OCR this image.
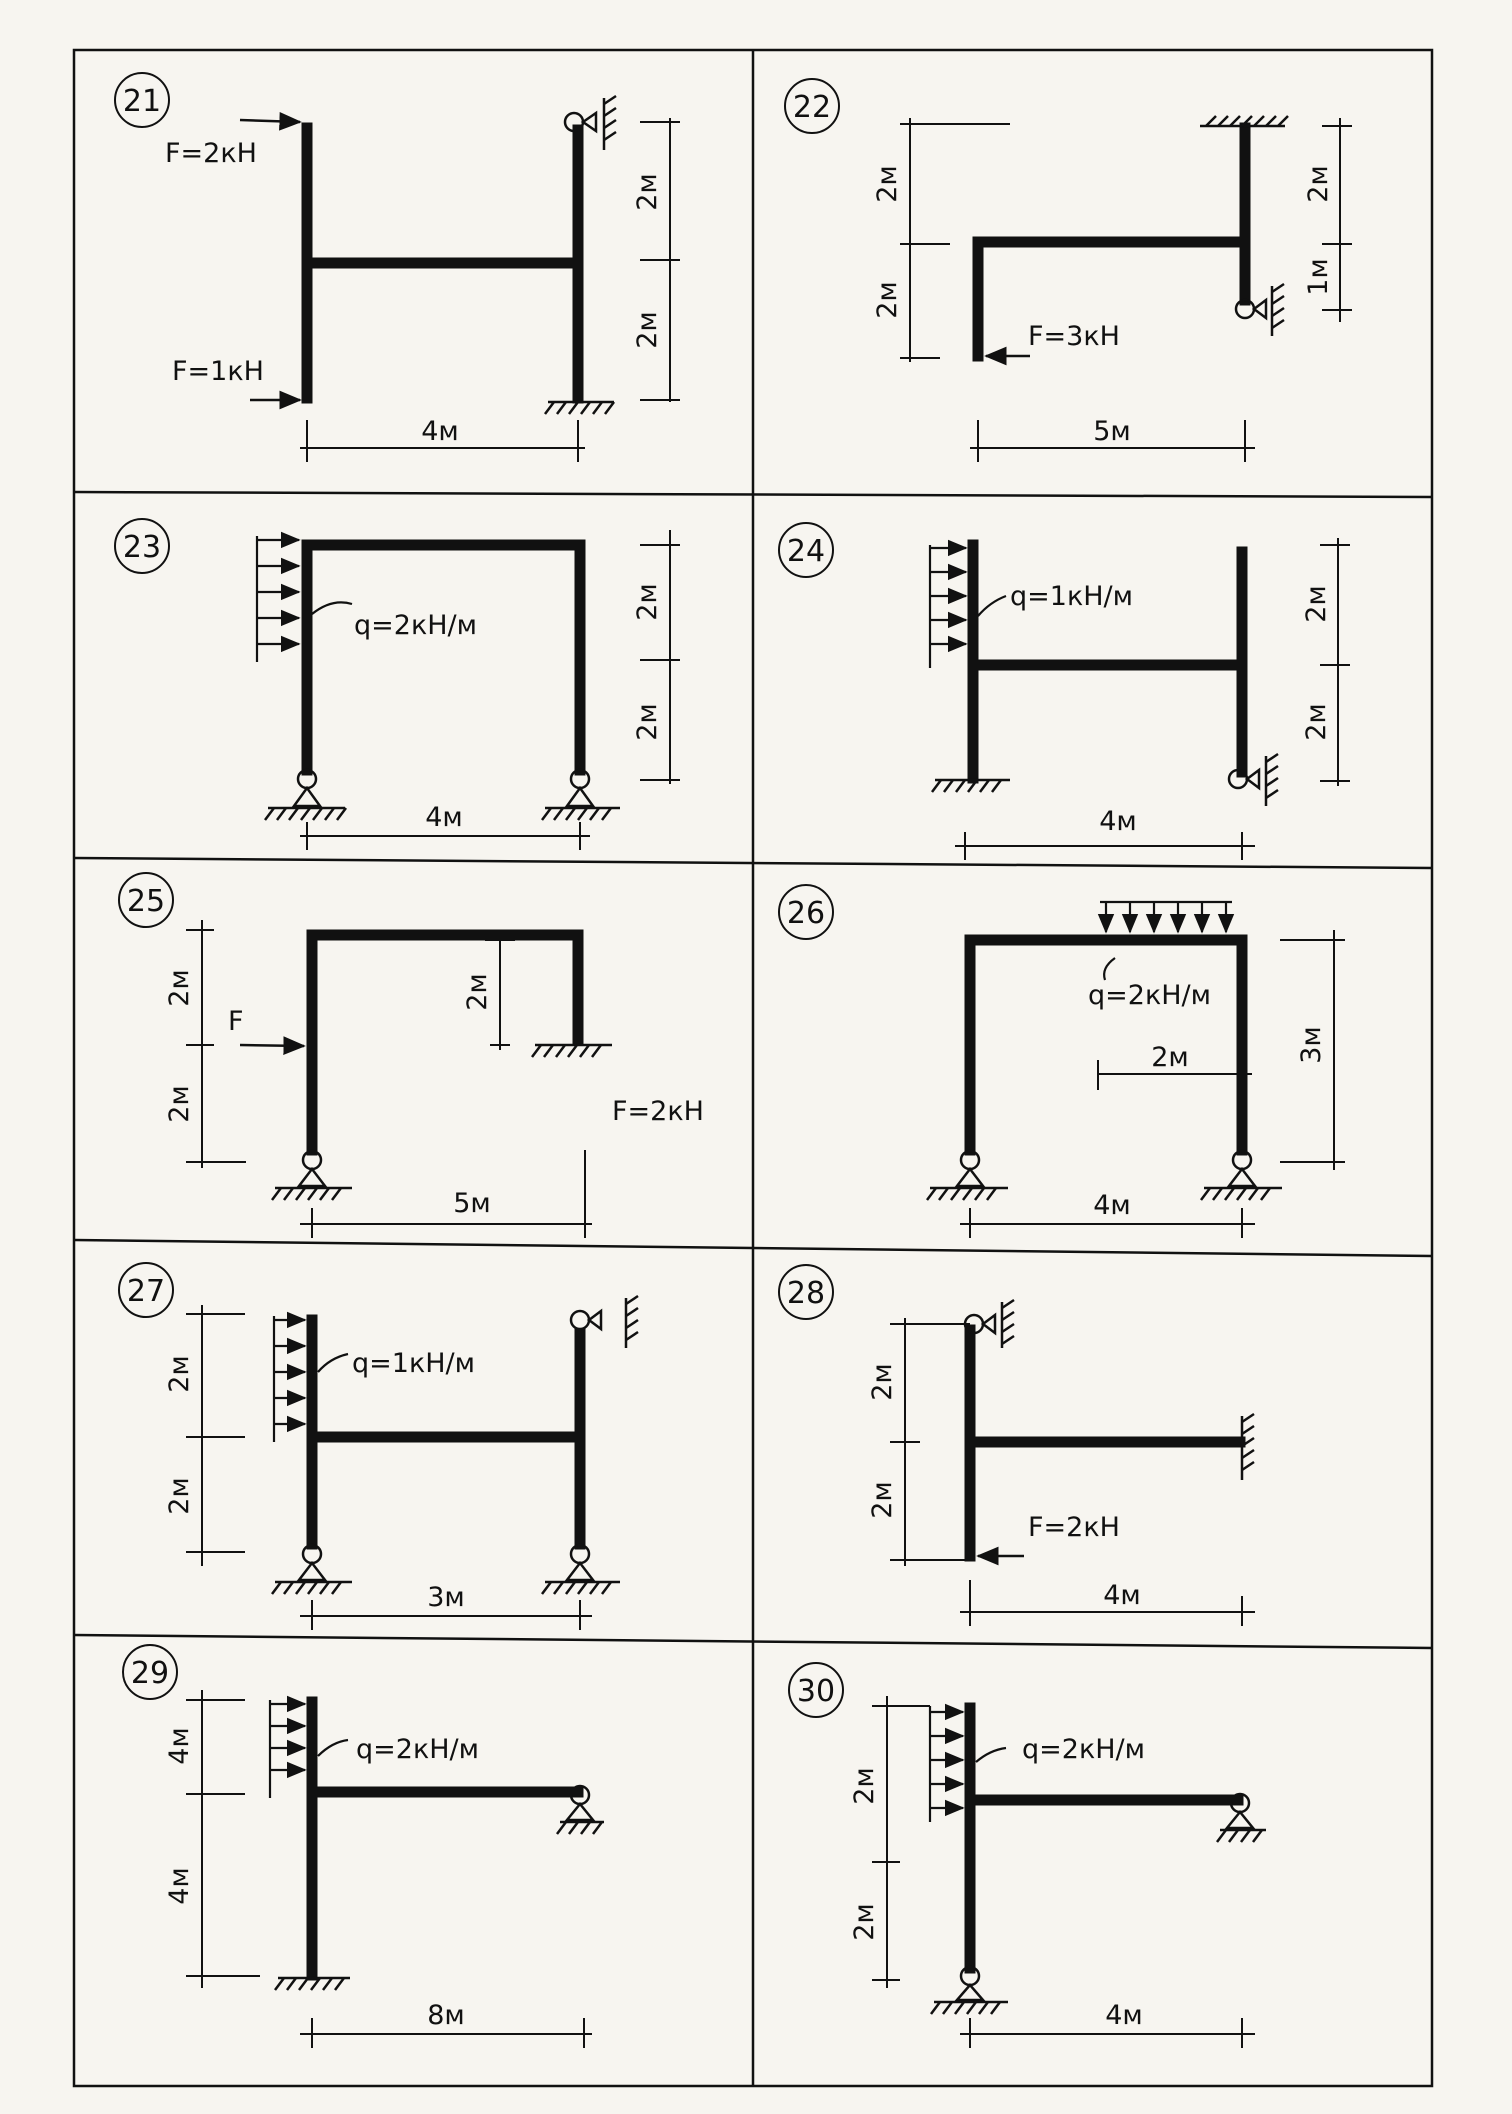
21
F=2кН
F=1кН
2м
2м
4м
22
F=3кН
2м
2м
2м
1м
5м
23
q=2кН/м
2м
2м
4м
24
q=1кН/м	2м
2м
4м
25
F
F=2кН
2м
2м
2м
5м
26
q=2кН/м
3м
2м
4м
27
q=1кН/м
2м
2м
3м
28
F=2кН
2м
2м
4м
29
q=2кН/м
4м
4м
8м
30
q=2кН/м
2м
2м
4м
